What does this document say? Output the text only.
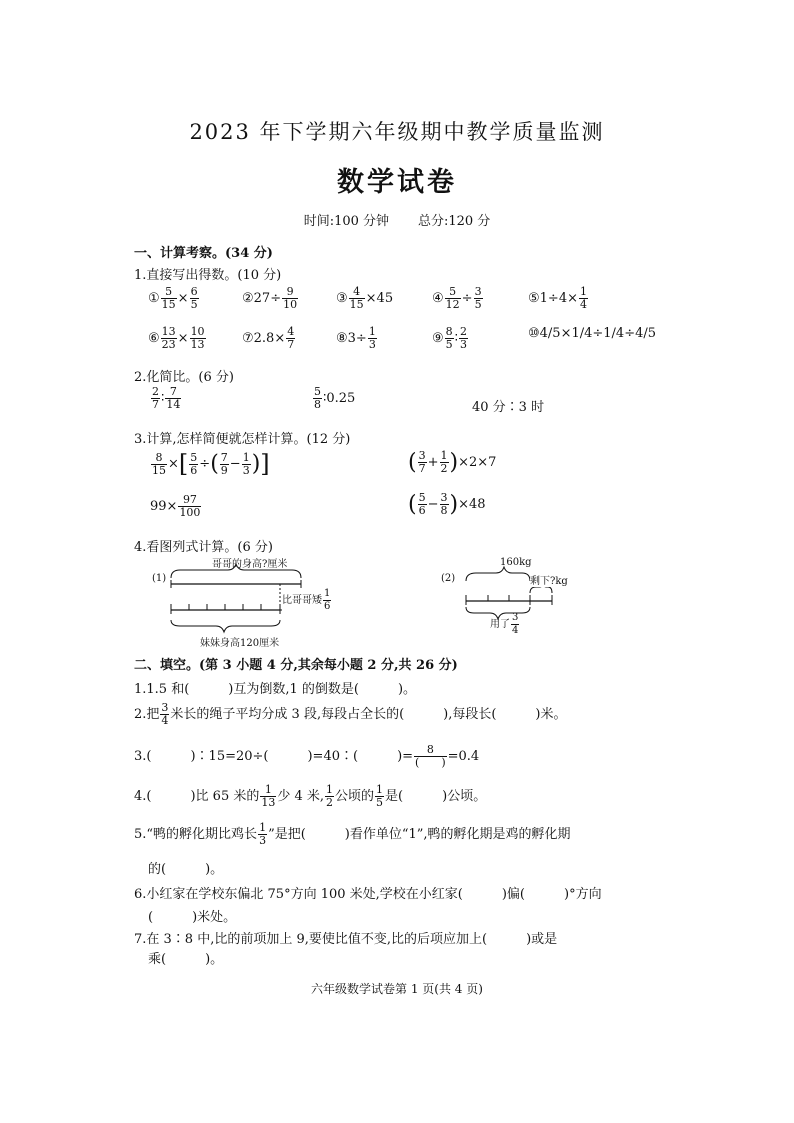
2023 年下学期六年级期中教学质量监测
数学试卷
时间:100 分钟 总分:120 分
一、计算考察。(34 分)
1.直接写出得数。(10 分)
① $\frac{5}{15} \times \frac{6}{5}$	②27÷ $\frac{9}{10}$	③ $\frac{4}{15} \times 45$	④ $\frac{5}{12} \div \frac{3}{5}$	⑤1÷4× $\frac{1}{4}$
⑥ $\frac{13}{23} \times \frac{10}{13}$	⑦2.8× $\frac{4}{7}$	⑧3÷ $\frac{1}{3}$	⑨ $\frac{8}{5}$ ∶ $\frac{2}{3}$	⑩4/5×1/4÷1/4÷4/5
2.化简比。(6 分)
$\frac{2}{7}$ ∶ $\frac{7}{14}$	$\frac{5}{8}$ ∶0.25
40 分∶3 时
3.计算,怎样简便就怎样计算。(12 分)
$\frac{8}{15}$ ×[ $\frac{5}{6}$ ÷( $\frac{7}{9} - \frac{1}{3}$ )]	( $\frac{3}{7} + \frac{1}{2} )\times 2\times 7$
$99\times \frac{97}{100}$	( $\frac{5}{6} - \frac{3}{8} )\times 48$
4.看图列式计算。(6 分)
(1)
哥哥的身高?厘米
比哥哥矮 $\frac{1}{6}$
妹妹身高120厘米
(2)
160kg
剩下?kg
用了 $\frac{3}{4}$
二、填空。(第 3 小题 4 分,其余每小题 2 分,共 26 分)
1.1.5 和(　　　)互为倒数,1 的倒数是(　　　)。
2.把 $\frac{3}{4}$ 米长的绳子平均分成 3 段,每段占全长的(　　　),每段长(　　　)米。
3.(　　　)∶15=20÷(　　　)=40∶(　　　)= $\frac{8}{( )} =0.4$
4.(　　　)比 65 米的 $\frac{1}{13}$ 少 4 米, $\frac{1}{2}$ 公顷的 $\frac{1}{5}$ 是(　　　)公顷。
5.“鸭的孵化期比鸡长 $\frac{1}{3}$ ”是把(　　　)看作单位“1”,鸭的孵化期是鸡的孵化期
的(　　　)。
6.小红家在学校东偏北 75°方向 100 米处,学校在小红家(　　　)偏(　　　)°方向
(　　　)米处。
7.在 3∶8 中,比的前项加上 9,要使比值不变,比的后项应加上(　　　)或是
乘(　　　)。
六年级数学试卷第 1 页(共 4 页)
